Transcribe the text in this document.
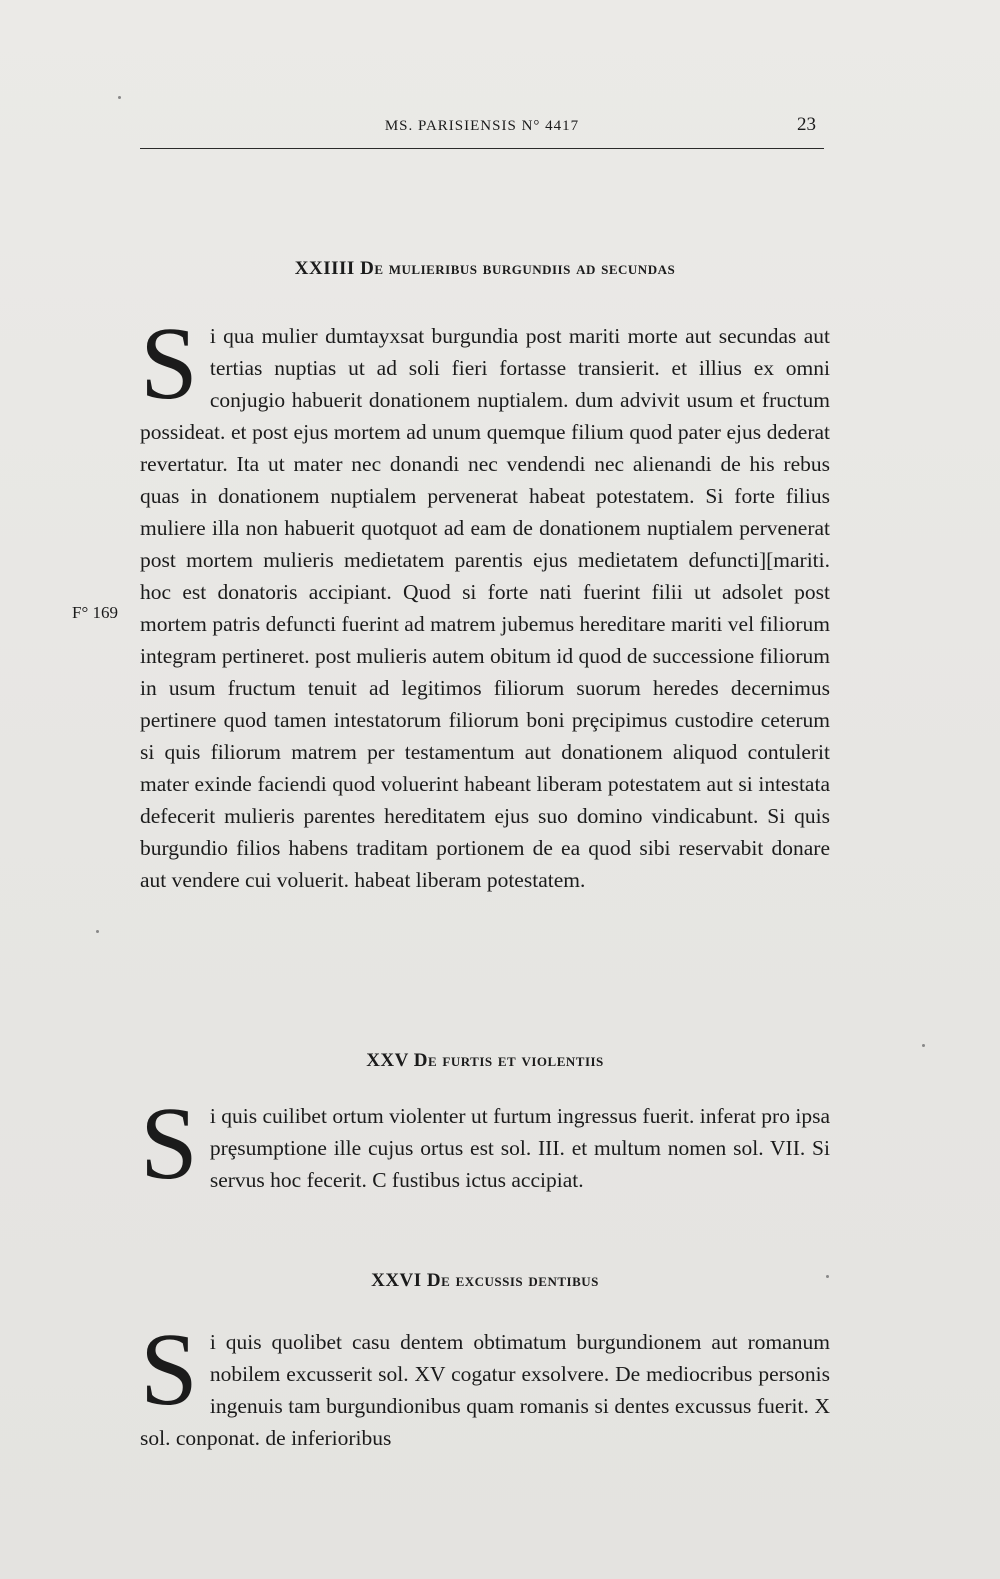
MS. PARISIENSIS N° 4417	23
F° 169
XXIIII De mulieribus burgundiis ad secundas

Si qua mulier dumtayxsat burgundia post mariti morte aut secundas aut tertias nuptias ut ad soli fieri fortasse transierit. et illius ex omni conjugio habuerit donationem nuptialem. dum advivit usum et fructum possideat. et post ejus mortem ad unum quemque filium quod pater ejus dederat revertatur. Ita ut mater nec donandi nec vendendi nec alienandi de his rebus quas in donationem nuptialem pervenerat habeat potestatem. Si forte filius muliere illa non habuerit quotquot ad eam de donationem nuptialem pervenerat post mortem mulieris medietatem parentis ejus medietatem defuncti][mariti. hoc est donatoris accipiant. Quod si forte nati fuerint filii ut adsolet post mortem patris defuncti fuerint ad matrem jubemus hereditare mariti vel filiorum integram pertineret. post mulieris autem obitum id quod de successione filiorum in usum fructum tenuit ad legitimos filiorum suorum heredes decernimus pertinere quod tamen intestatorum filiorum boni prȩcipimus custodire ceterum si quis filiorum matrem per testamentum aut donationem aliquod contulerit mater exinde faciendi quod voluerint habeant liberam potestatem aut si intestata defecerit mulieris parentes hereditatem ejus suo domino vindicabunt. Si quis burgundio filios habens traditam portionem de ea quod sibi reservabit donare aut vendere cui voluerit. habeat liberam potestatem.

XXV De furtis et violentiis

Si quis cuilibet ortum violenter ut furtum ingressus fuerit. inferat pro ipsa prȩsumptione ille cujus ortus est sol. III. et multum nomen sol. VII. Si servus hoc fecerit. C fustibus ictus accipiat.

XXVI De excussis dentibus

Si quis quolibet casu dentem obtimatum burgundionem aut romanum nobilem excusserit sol. XV cogatur exsolvere. De mediocribus personis ingenuis tam burgundionibus quam romanis si dentes excussus fuerit. X sol. conponat. de inferioribus
